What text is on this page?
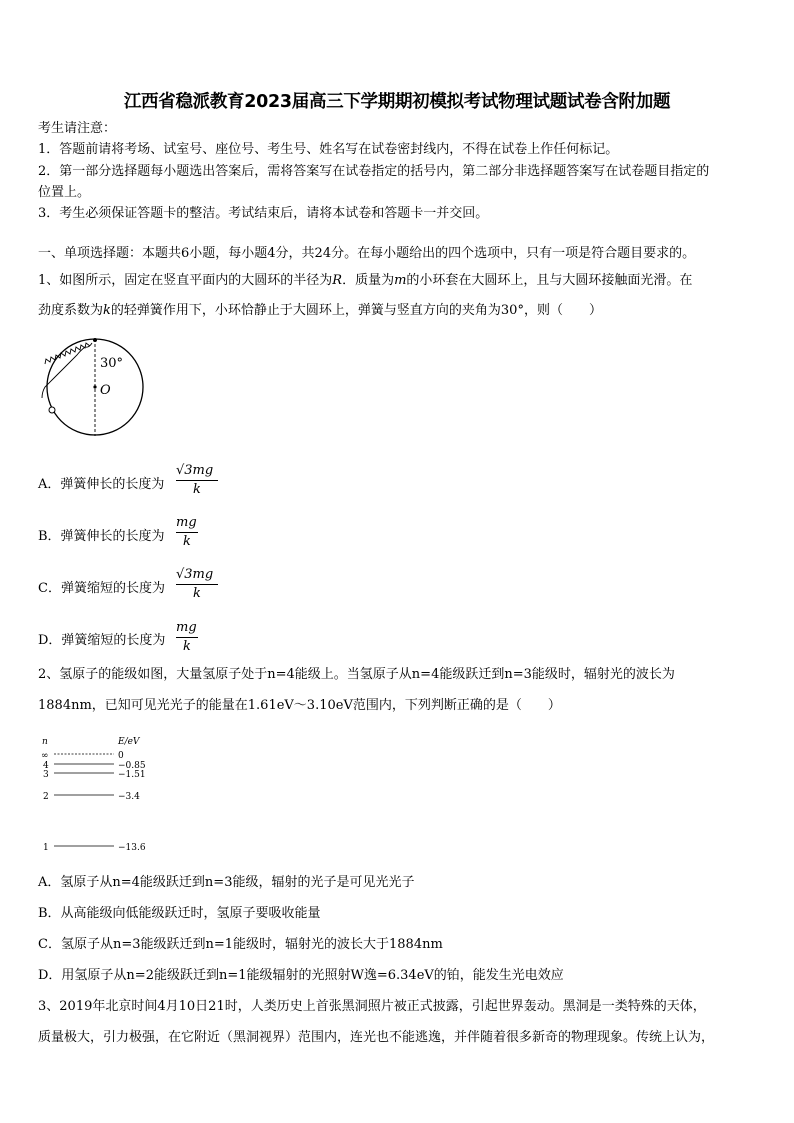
江西省稳派教育2023届高三下学期期初模拟考试物理试题试卷含附加题
考生请注意：
1．答题前请将考场、试室号、座位号、考生号、姓名写在试卷密封线内，不得在试卷上作任何标记。
2．第一部分选择题每小题选出答案后，需将答案写在试卷指定的括号内，第二部分非选择题答案写在试卷题目指定的
位置上。
3．考生必须保证答题卡的整洁。考试结束后，请将本试卷和答题卡一并交回。
一、单项选择题：本题共6小题，每小题4分，共24分。在每小题给出的四个选项中，只有一项是符合题目要求的。
1、如图所示，固定在竖直平面内的大圆环的半径为R．质量为m的小环套在大圆环上，且与大圆环接触面光滑。在
劲度系数为k的轻弹簧作用下，小环恰静止于大圆环上，弹簧与竖直方向的夹角为30°，则（　　）
30°
O
A．弹簧伸长的长度为
√3mg
k
B．弹簧伸长的长度为
mg
k
C．弹簧缩短的长度为
√3mg
k
D．弹簧缩短的长度为
mg
k
2、氢原子的能级如图，大量氢原子处于n=4能级上。当氢原子从n=4能级跃迁到n=3能级时，辐射光的波长为
1884nm，已知可见光光子的能量在1.61eV～3.10eV范围内，下列判断正确的是（　　）
n	E/eV
∞	0
4	−0.85
3	−1.51
2	−3.4
1	−13.6
A．氢原子从n=4能级跃迁到n=3能级，辐射的光子是可见光光子
B．从高能级向低能级跃迁时，氢原子要吸收能量
C．氢原子从n=3能级跃迁到n=1能级时，辐射光的波长大于1884nm
D．用氢原子从n=2能级跃迁到n=1能级辐射的光照射W逸=6.34eV的铂，能发生光电效应
3、2019年北京时间4月10日21时，人类历史上首张黑洞照片被正式披露，引起世界轰动。黑洞是一类特殊的天体，
质量极大，引力极强，在它附近（黑洞视界）范围内，连光也不能逃逸，并伴随着很多新奇的物理现象。传统上认为，
